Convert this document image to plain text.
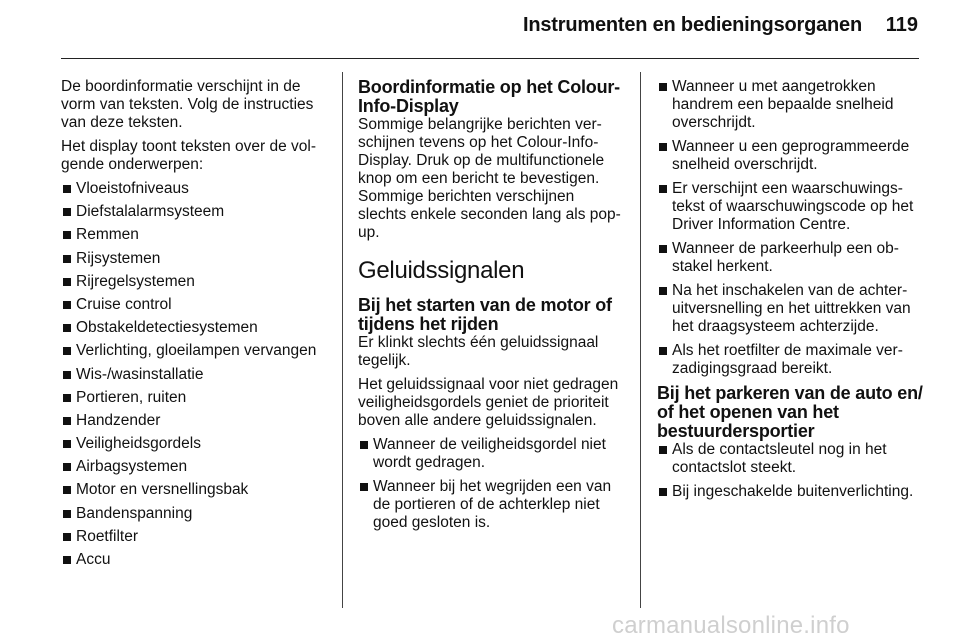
Instrumenten en bedieningsorganen 119

De boordinformatie verschijnt in de vorm van teksten. Volg de instructies van deze teksten.

Het display toont teksten over de volgende onderwerpen:

Vloeistofniveaus
Diefstalalarmsysteem
Remmen
Rijsystemen
Rijregelsystemen
Cruise control
Obstakeldetectiesystemen
Verlichting, gloeilampen vervangen
Wis-/wasinstallatie
Portieren, ruiten
Handzender
Veiligheidsgordels
Airbagsystemen
Motor en versnellingsbak
Bandenspanning
Roetfilter
Accu
Boordinformatie op het Colour-Info-Display

Sommige belangrijke berichten verschijnen tevens op het Colour-Info-Display. Druk op de multifunctionele knop om een bericht te bevestigen. Sommige berichten verschijnen slechts enkele seconden lang als pop-up.

Geluidssignalen
Bij het starten van de motor of tijdens het rijden

Er klinkt slechts één geluidssignaal tegelijk.

Het geluidssignaal voor niet gedragen veiligheidsgordels geniet de prioriteit boven alle andere geluidssignalen.

Wanneer de veiligheidsgordel niet wordt gedragen.
Wanneer bij het wegrijden een van de portieren of de achterklep niet goed gesloten is.
Wanneer u met aangetrokken handrem een bepaalde snelheid overschrijdt.
Wanneer u een geprogrammeerde snelheid overschrijdt.
Er verschijnt een waarschuwingstekst of waarschuwingscode op het Driver Information Centre.
Wanneer de parkeerhulp een obstakel herkent.
Na het inschakelen van de achteruitversnelling en het uittrekken van het draagsysteem achterzijde.
Als het roetfilter de maximale verzadigingsgraad bereikt.
Bij het parkeren van de auto en/ of het openen van het bestuurdersportier
Als de contactsleutel nog in het contactslot steekt.
Bij ingeschakelde buitenverlichting.
carmanualsonline.info
